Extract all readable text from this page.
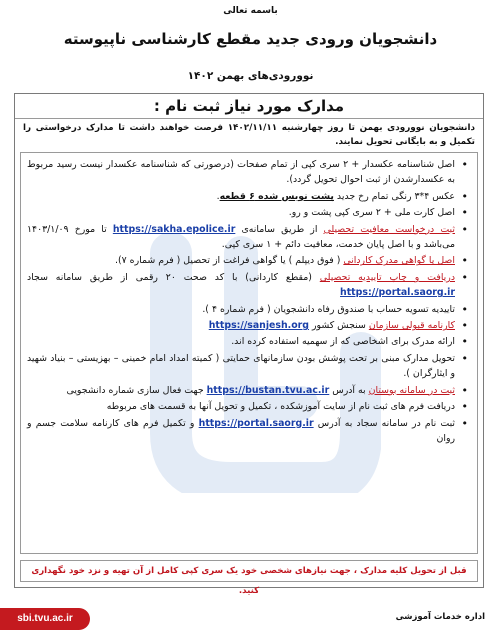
باسمه تعالی
دانشجویان ورودی جدید مقطع کارشناسی ناپیوسته
نوورودی‌های بهمن ۱۴۰۲
مدارک مورد نیاز ثبت نام :
دانشجویان نوورودی بهمن تا روز چهارشنبه ۱۴۰۲/۱۱/۱۱ فرصت خواهند داشت تا مدارک درخواستی را تکمیل و به بایگانی تحویل نمایند.
• اصل شناسنامه عکسدار + ۲ سری کپی از تمام صفحات (درصورتی که شناسنامه عکسدار نیست رسید مربوط به عکسدارشدن از ثبت احوال تحویل گردد).
• عکس ۴*۳ رنگی تمام رخ جدید پشت نویس شده ۶ قطعه.
• اصل کارت ملی + ۲ سری کپی پشت و رو.
• ثبت درخواست معافیت تحصیلی از طریق سامانه‌ی https://sakha.epolice.ir تا مورخ ۱۴۰۳/۱/۰۹ می‌باشد و با اصل پایان خدمت، معافیت دائم + ۱ سری کپی.
• اصل یا گواهی مدرک کاردانی ( فوق دیپلم ) یا گواهی فراغت از تحصیل ( فرم شماره ۷).
• دریافت و چاپ تاییدیه تحصیلی (مقطع کاردانی) با کد صحت ۲۰ رقمی از طریق سامانه سجاد https://portal.saorg.ir
• تاییدیه تسویه حساب با صندوق رفاه دانشجویان ( فرم شماره ۴ ).
• کارنامه قبولی سازمان سنجش کشور https://sanjesh.org
• ارائه مدرک برای اشخاصی که از سهمیه استفاده کرده اند.
• تحویل مدارک مبنی بر تحت پوشش بودن سازمانهای حمایتی ( کمیته امداد امام خمینی – بهزیستی – بنیاد شهید و ایثارگران ).
• ثبت در سامانه بوستان به آدرس https://bustan.tvu.ac.ir جهت فعال سازی شماره دانشجویی
• دریافت فرم های ثبت نام از سایت آموزشکده ، تکمیل و تحویل آنها به قسمت های مربوطه
• ثبت نام در سامانه سجاد به آدرس https://portal.saorg.ir و تکمیل فرم های کارنامه سلامت جسم و روان
قبل از تحویل کلیه مدارک ، جهت نیازهای شخصی خود یک سری کپی کامل از آن تهیه و نزد خود نگهداری کنید.
اداره خدمات آموزشی
sbi.tvu.ac.ir
